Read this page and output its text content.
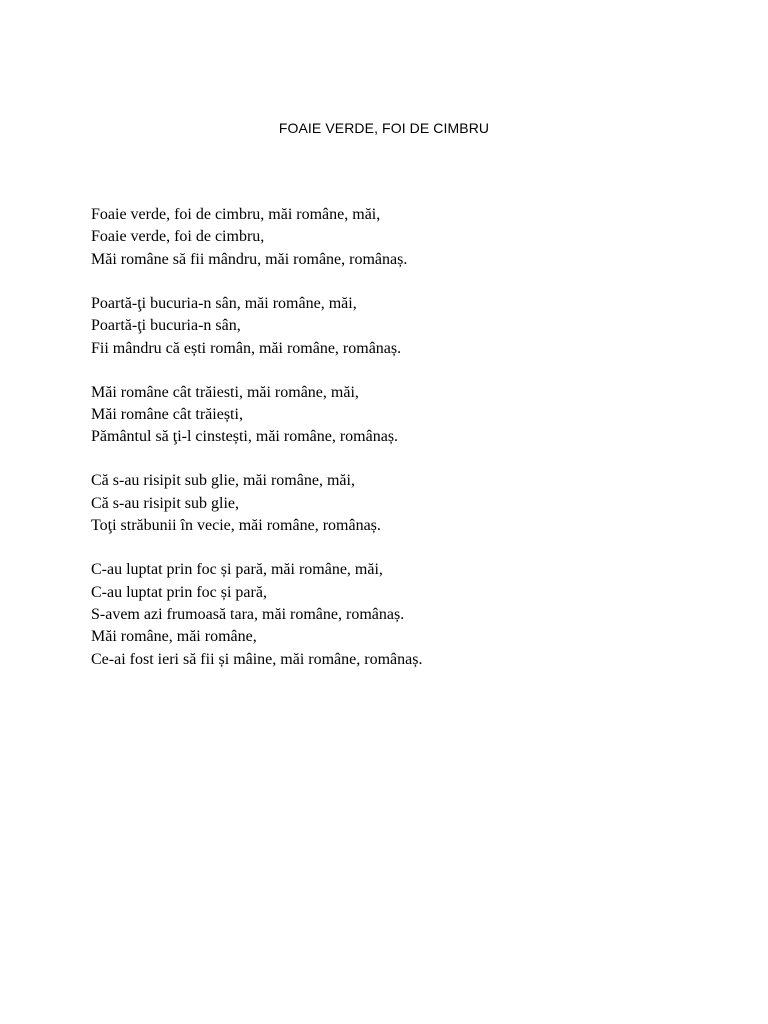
FOAIE VERDE, FOI DE CIMBRU
Foaie verde, foi de cimbru, măi române, măi,
Foaie verde, foi de cimbru,
Măi române să fii mândru, măi române, românaș.
Poartă-ţi bucuria-n sân, măi române, măi,
Poartă-ţi bucuria-n sân,
Fii mândru că ești român, măi române, românaș.
Măi române cât trăiesti, măi române, măi,
Măi române cât trăiești,
Pământul să ţi-l cinstești, măi române, românaș.
Că s-au risipit sub glie, măi române, măi,
Că s-au risipit sub glie,
Toţi străbunii în vecie, măi române, românaș.
C-au luptat prin foc și pară, măi române, măi,
C-au luptat prin foc și pară,
S-avem azi frumoasă tara, măi române, românaș.
Măi române, măi române,
Ce-ai fost ieri să fii și mâine, măi române, românaș.
